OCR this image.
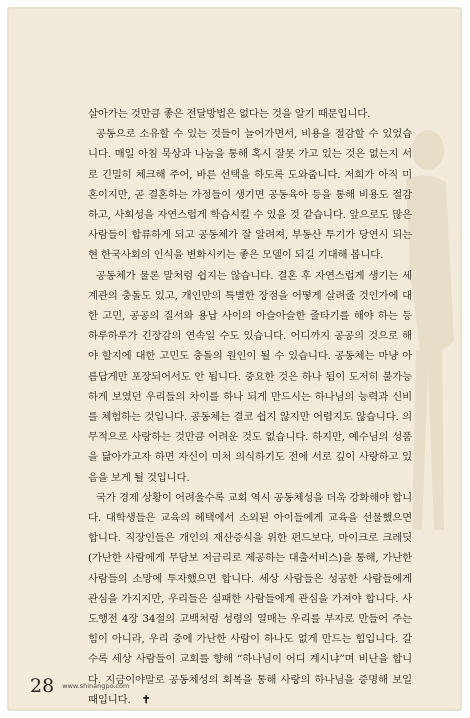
살아가는 것만큼 좋은 전달방법은 없다는 것을 알기 때문입니다.

공동으로 소유할 수 있는 것들이 늘어가면서, 비용을 절감할 수 있었습니다. 매일 아침 묵상과 나눔을 통해 혹시 잘못 가고 있는 것은 없는지 서로 긴밀히 체크해 주어, 바른 선택을 하도록 도와줍니다. 저희가 아직 미혼이지만, 곧 결혼하는 가정들이 생기면 공동육아 등을 통해 비용도 절감하고, 사회성을 자연스럽게 학습시킬 수 있을 것 같습니다. 앞으로도 많은 사람들이 합류하게 되고 공동체가 잘 알려져, 부동산 투기가 당연시 되는 현 한국사회의 인식을 변화시키는 좋은 모델이 되길 기대해 봅니다.

공동체가 물론 말처럼 쉽지는 않습니다. 결혼 후 자연스럽게 생기는 세계관의 충돌도 있고, 개인만의 특별한 장점을 어떻게 살려줄 것인가에 대한 고민, 공공의 질서와 용납 사이의 아슬아슬한 줄타기를 해야 하는 등 하루하루가 긴장감의 연속일 수도 있습니다. 어디까지 공공의 것으로 해야 할지에 대한 고민도 충돌의 원인이 될 수 있습니다. 공동체는 마냥 아름답게만 포장되어서도 안 됩니다. 중요한 것은 하나 됨이 도저히 불가능하게 보였던 우리들의 차이를 하나 되게 만드시는 하나님의 능력과 신비를 체험하는 것입니다. 공동체는 결코 쉽지 않지만 어렵지도 않습니다. 의무적으로 사랑하는 것만큼 어려운 것도 없습니다. 하지만, 예수님의 성품을 닮아가고자 하면 자신이 미처 의식하기도 전에 서로 깊이 사랑하고 있음을 보게 될 것입니다.

국가 경제 상황이 어려울수록 교회 역시 공동체성을 더욱 강화해야 합니다. 대학생들은 교육의 혜택에서 소외된 아이들에게 교육을 선물했으면 합니다. 직장인들은 개인의 재산증식을 위한 펀드보다, 마이크로 크레딧(가난한 사람에게 무담보 저금리로 제공하는 대출서비스)을 통해, 가난한 사람들의 소망에 투자했으면 합니다. 세상 사람들은 성공한 사람들에게 관심을 가지지만, 우리들은 실패한 사람들에게 관심을 가져야 합니다. 사도행전 4장 34절의 고백처럼 성령의 열매는 우리를 부자로 만들어 주는 힘이 아니라, 우리 중에 가난한 사람이 하나도 없게 만드는 힘입니다. 갈수록 세상 사람들이 교회를 향해 “하나님이 어디 계시냐”며 비난을 합니다. 지금이야말로 공동체성의 회복을 통해 사랑의 하나님을 증명해 보일 때입니다. ✝

28 www.shinangpo.com
